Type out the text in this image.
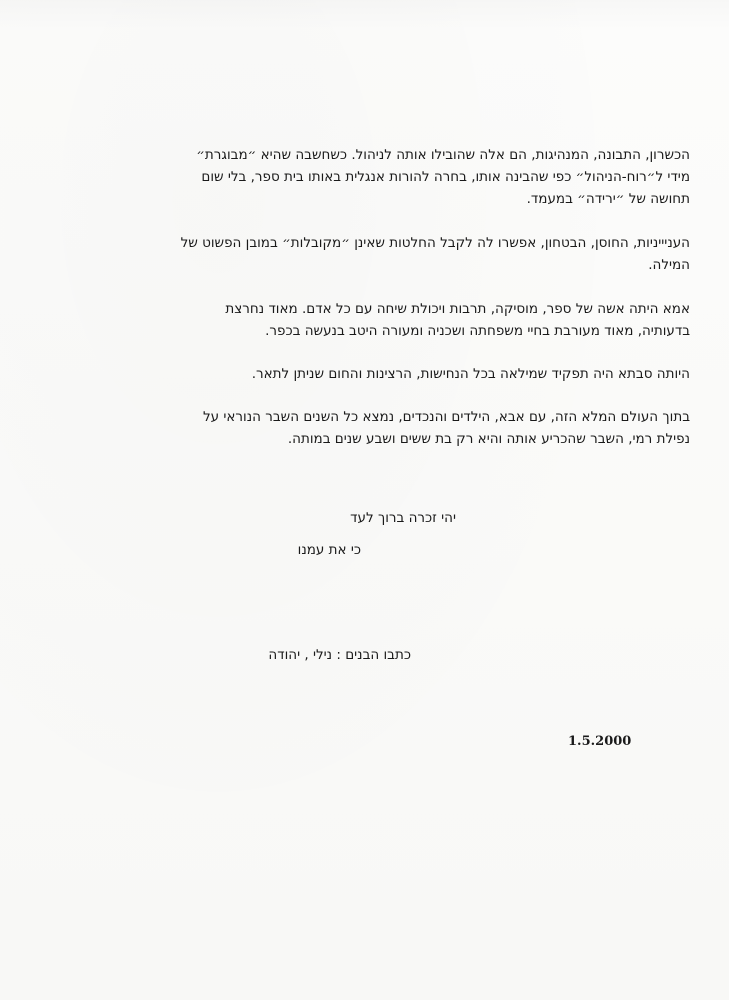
הכשרון, התבונה, המנהיגות, הם אלה שהובילו אותה לניהול. כשחשבה שהיא ״מבוגרת״
מידי ל״רוח-הניהול״ כפי שהבינה אותו, בחרה להורות אנגלית באותו בית ספר, בלי שום
תחושה של ״ירידה״ במעמד.
העניייניות, החוסן, הבטחון, אפשרו לה לקבל החלטות שאינן ״מקובלות״ במובן הפשוט של
המילה.
אמא היתה אשה של ספר, מוסיקה, תרבות ויכולת שיחה עם כל אדם. מאוד נחרצת
בדעותיה, מאוד מעורבת בחיי משפחתה ושכניה ומעורה היטב בנעשה בכפר.
היותה סבתא היה תפקיד שמילאה בכל הנחישות, הרצינות והחום שניתן לתאר.
בתוך העולם המלא הזה, עם אבא, הילדים והנכדים, נמצא כל השנים השבר הנוראי על
נפילת רמי, השבר שהכריע אותה והיא רק בת ששים ושבע שנים במותה.
יהי זכרה ברוך לעד
כי את עמנו
כתבו הבנים : נילי , יהודה
1.5.2000
